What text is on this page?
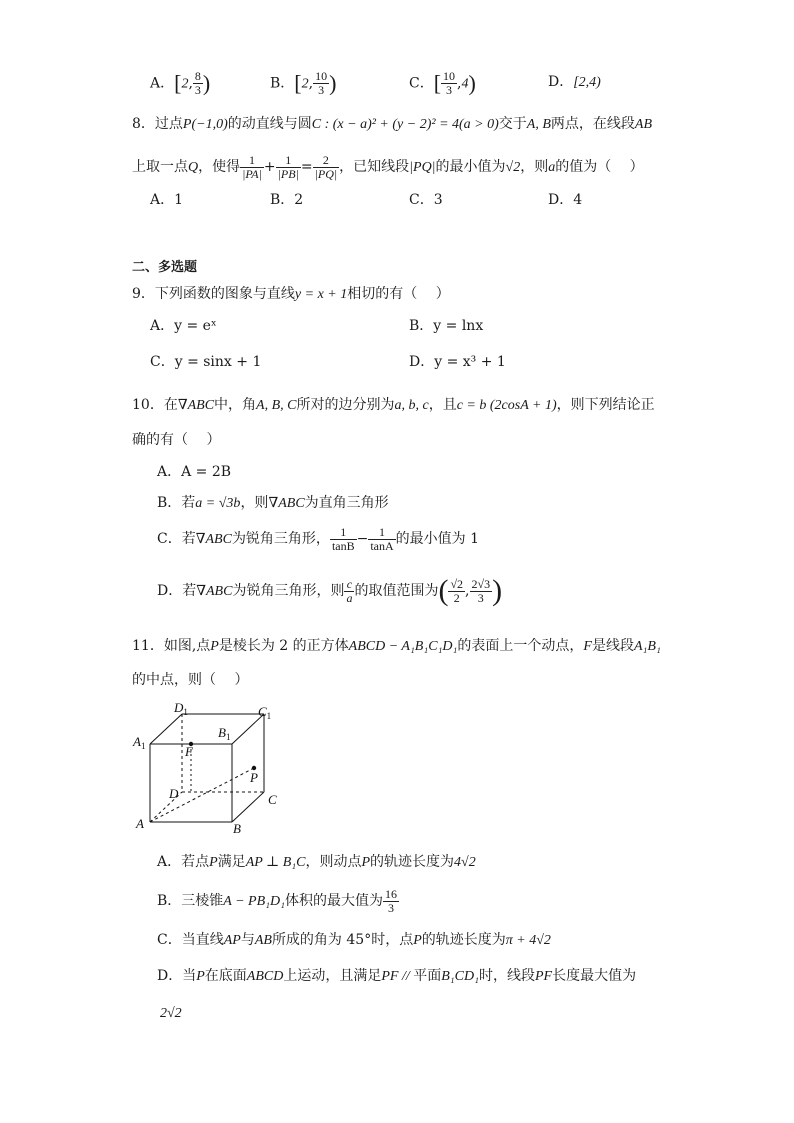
A．[2, $\frac{8}{3}$ )	B．[2, $\frac{10}{3}$ )	C．[ $\frac{10}{3} ,4$)	D．[2,4)
8．过点P(−1,0)的动直线与圆C : (x − a)² + (y − 2)² = 4(a > 0)交于A, B两点，在线段AB
上取一点Q，使得 $\frac{1}{|PA|} + \frac{1}{|PB|} = \frac{2}{|PQ|}$ ，已知线段|PQ|的最小值为√2，则a的值为（　 ）
A．1	B．2	C．3	D．4
二、多选题
9．下列函数的图象与直线y = x + 1相切的有（　 ）
A．y = eˣ	B．y = lnx
C．y = sinx + 1	D．y = x³ + 1
10．在∇ABC中，角A, B, C所对的边分别为a, b, c，且c = b (2cosA + 1)，则下列结论正
确的有（　 ）
A．A = 2B
B．若a = √3b，则∇ABC为直角三角形
C．若∇ABC为锐角三角形， $\frac{1}{\tan B} - \frac{1}{\tan A}$ 的最小值为 1
D．若∇ABC为锐角三角形，则 $\frac{c}{a}$ 的取值范围为( $\frac{√2}{2}$ , $\frac{2√3}{3}$ )
11．如图,点P是棱长为 2 的正方体ABCD − A₁B₁C₁D₁的表面上一个动点，F是线段A₁B₁
的中点，则（　 ）
$D_1$	$C_1$
$B_1$
$A_1$	F
P
D	C
A	B
A．若点P满足AP ⊥ B₁C，则动点P的轨迹长度为4√2
B．三棱锥A − PB₁D₁体积的最大值为 $\frac{16}{3}$
C．当直线AP与AB所成的角为 45°时，点P的轨迹长度为π + 4√2
D．当P在底面ABCD上运动，且满足PF // 平面B₁CD₁时，线段PF长度最大值为
2√2
